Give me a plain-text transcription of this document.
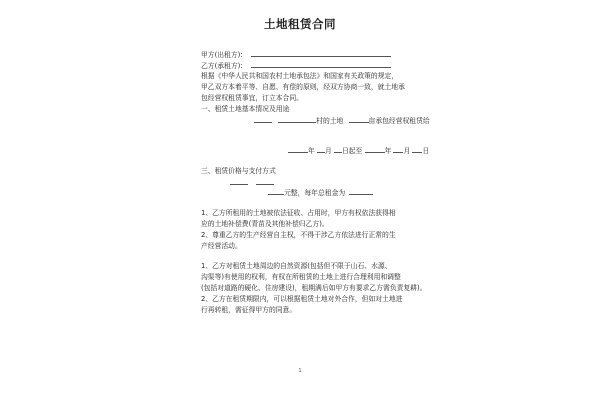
土地租赁合同
甲方(出租方):
乙方(承租方):
根据《中华人民共和国农村土地承包法》和国家有关政策的规定，
甲乙双方本着平等、自愿、有偿的原则，经双方协商一致，就土地承
包经营权租赁事宜，订立本合同。
一、租赁土地基本情况及用途
村的土地	亩承包经营权租赁给
年 月 日起至	年 月 日
三、租赁价格与支付方式

元整，每年总租金为
1、乙方所租用的土地被依法征收、占用时，甲方有权依法获得相
应的土地补偿费(青苗及其他补偿归乙方)。
2、尊重乙方的生产经营自主权，不得干涉乙方依法进行正常的生
产经营活动。
1、乙方对租赁土地周边的自然资源(包括但不限于山石、水源、
沟渠等)有使用的权利，有权在所租赁的土地上进行合理利用和调整
(包括对道路的硬化、住房建设)，租期满后如甲方有要求乙方需负责复耕)。
2、乙方在租赁期限内，可以根据租赁土地对外合作，但如对土地进
行再转租，需征得甲方的同意。
1
